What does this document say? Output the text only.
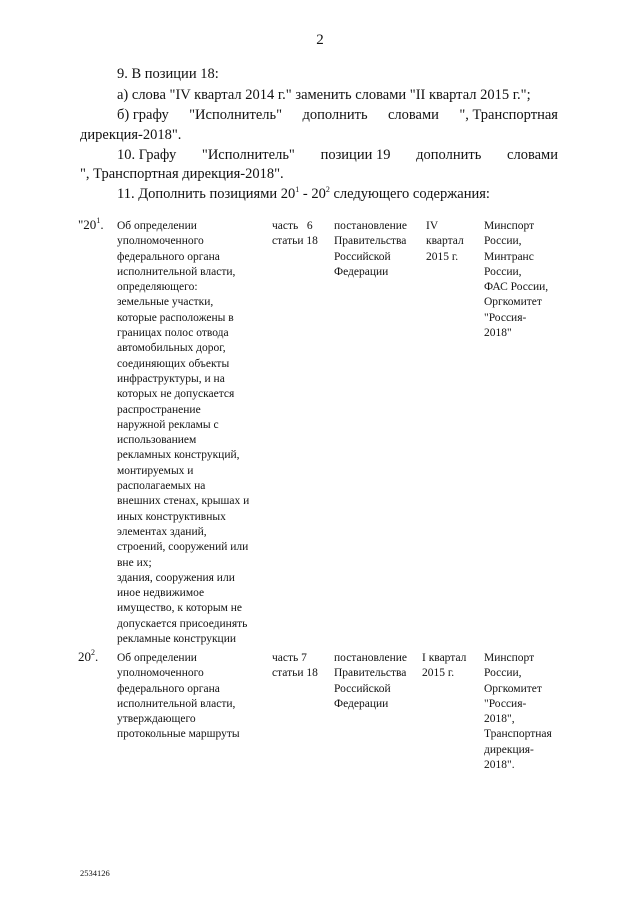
2
9. В позиции 18:
а) слова "IV квартал 2014 г." заменить словами "II квартал 2015 г.";
б) графу "Исполнитель" дополнить словами ", Транспортная
дирекция-2018".
10. Графу "Исполнитель" позиции 19 дополнить словами
", Транспортная дирекция-2018".
11. Дополнить позициями $20^1 - 20^2$ следующего содержания:
"$20^1$. Об определении
уполномоченного
федерального органа
исполнительной власти,
определяющего:
земельные участки,
которые расположены в
границах полос отвода
автомобильных дорог,
соединяющих объекты
инфраструктуры, и на
которых не допускается
распространение
наружной рекламы с
использованием
рекламных конструкций,
монтируемых и
располагаемых на
внешних стенах, крышах и
иных конструктивных
элементах зданий,
строений, сооружений или
вне их;
здания, сооружения или
иное недвижимое
имущество, к которым не
допускается присоединять
рекламные конструкции
часть   6
статьи 18
постановление
Правительства
Российской
Федерации
IV
квартал
2015 г.
Минспорт
России,
Минтранс
России,
ФАС России,
Оргкомитет
"Россия-
2018"
$20^2$. Об определении
уполномоченного
федерального органа
исполнительной власти,
утверждающего
протокольные маршруты
часть 7
статьи 18
постановление
Правительства
Российской
Федерации
I квартал
2015 г.
Минспорт
России,
Оргкомитет
"Россия-
2018",
Транспортная
дирекция-
2018".
2534126
